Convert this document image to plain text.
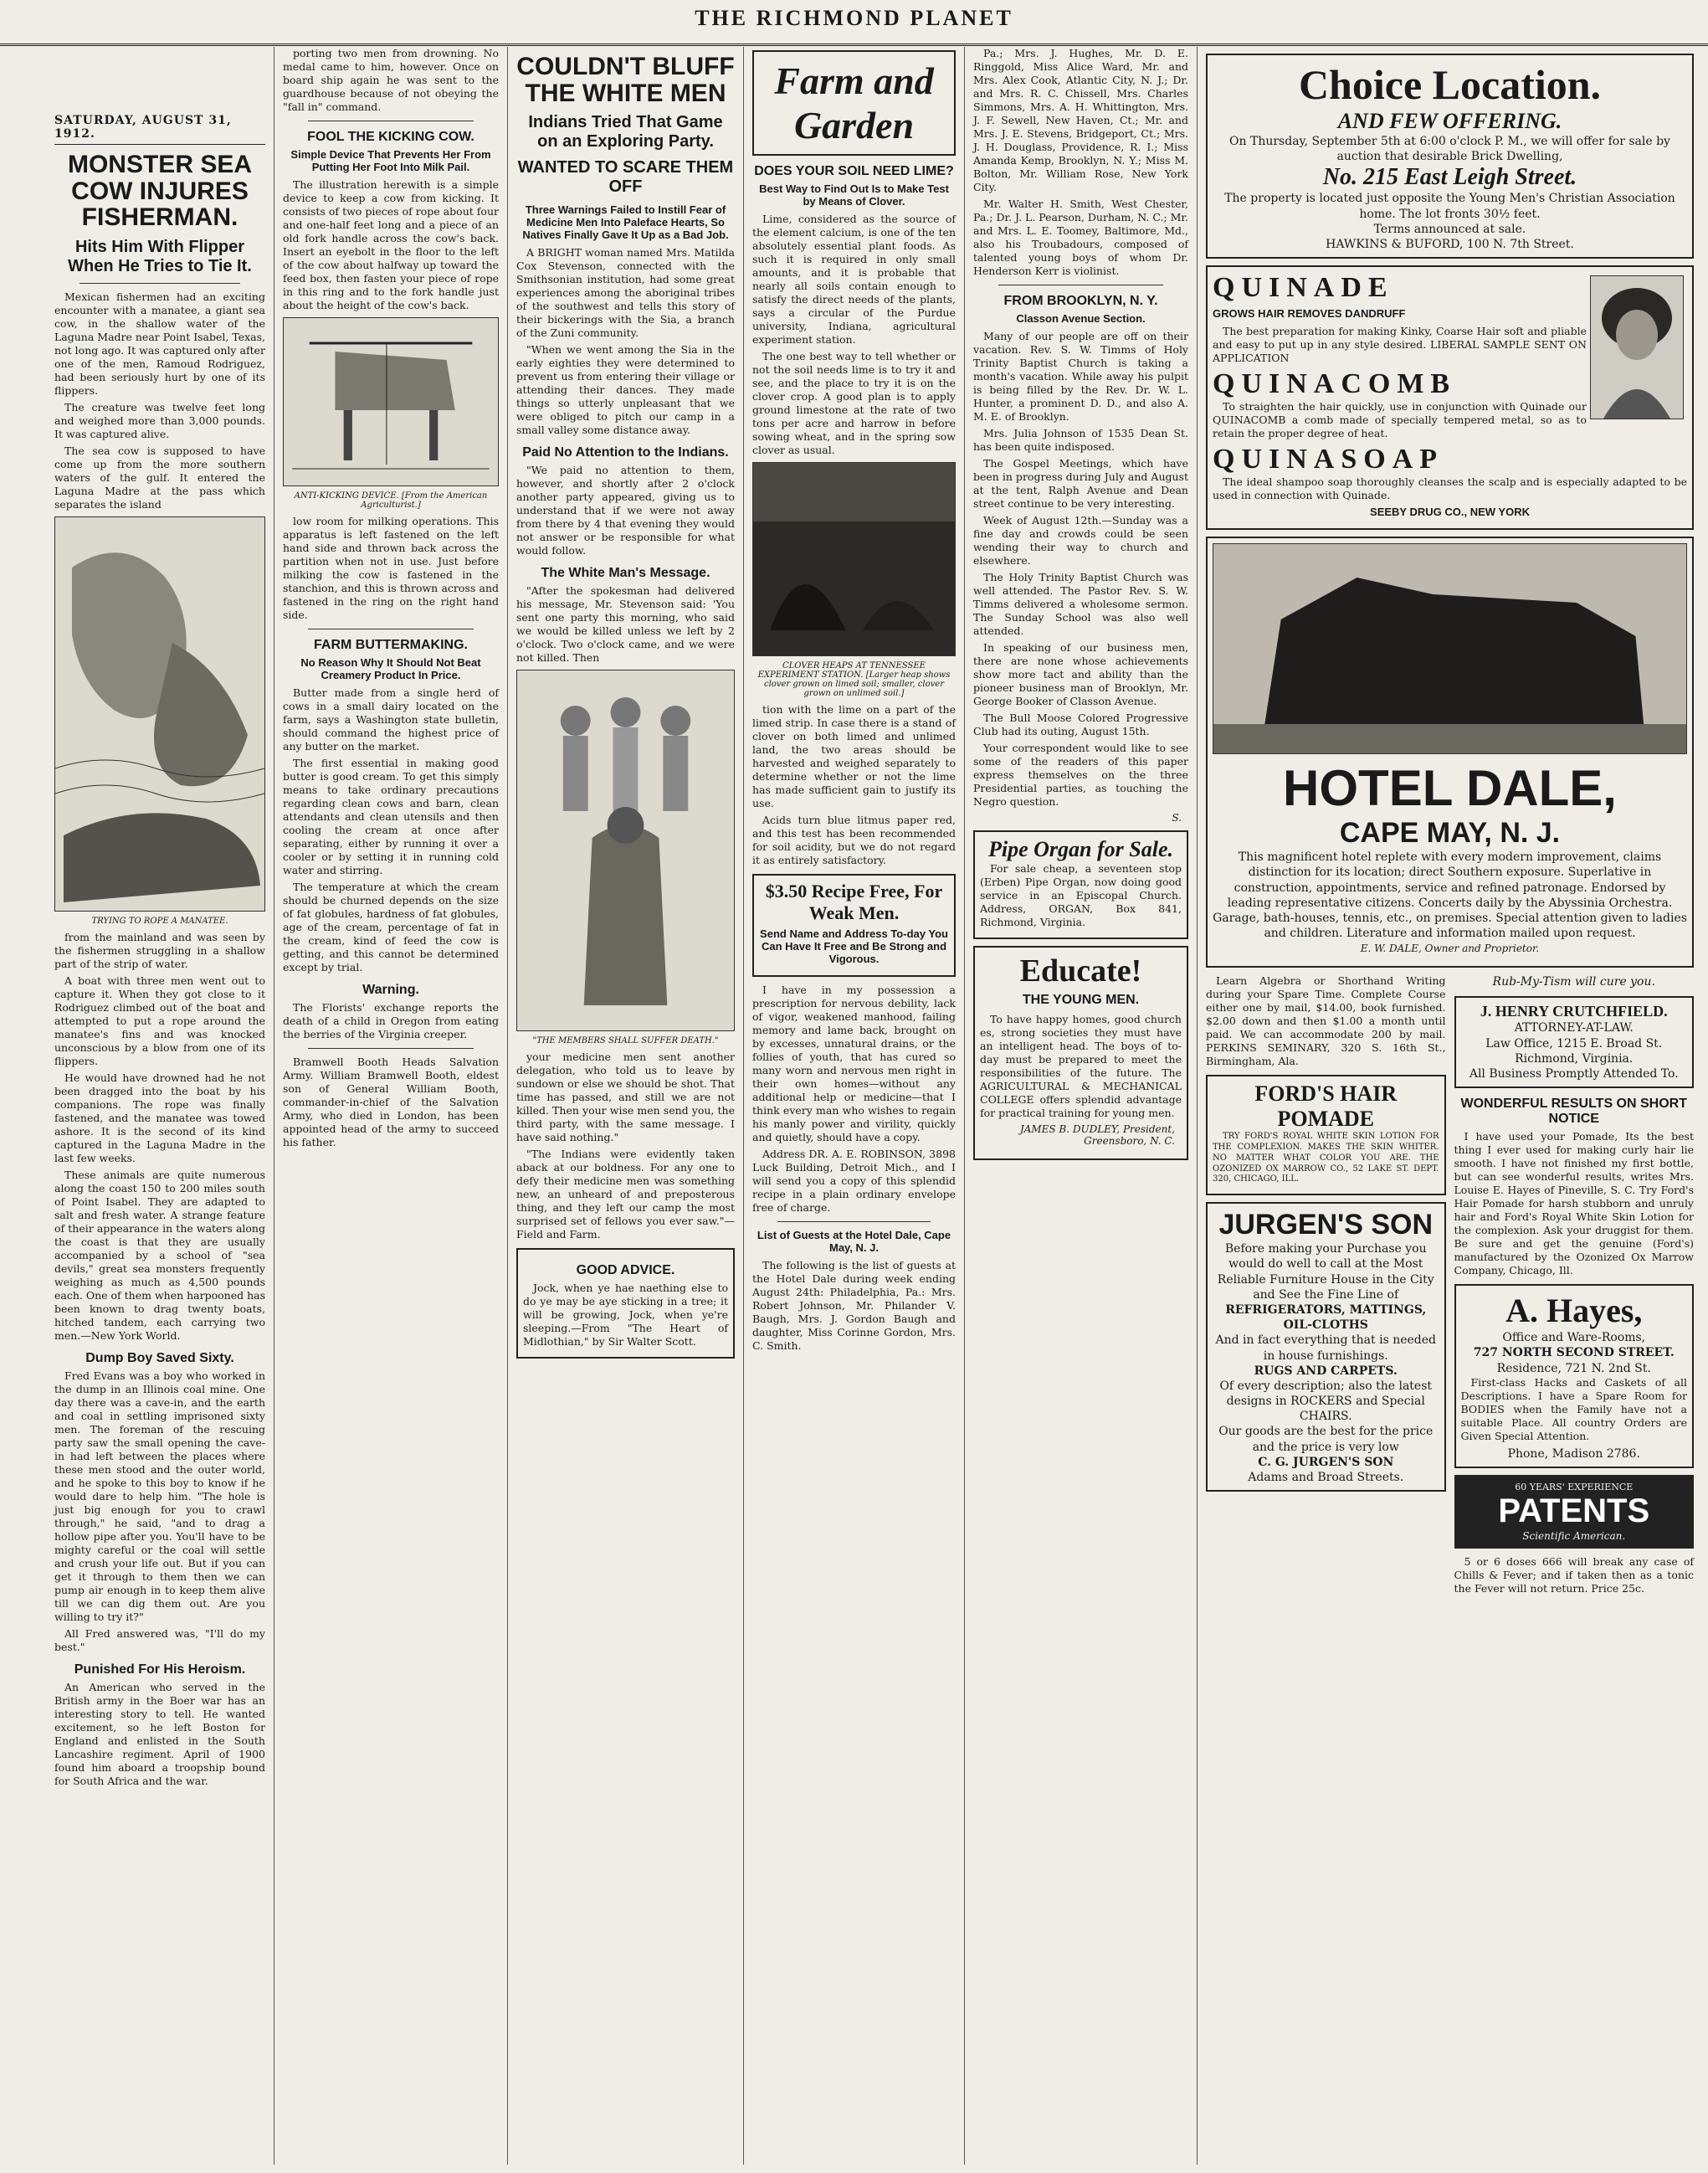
THE RICHMOND PLANET
SATURDAY, AUGUST 31, 1912.
MONSTER SEA COW INJURES FISHERMAN.
Hits Him With Flipper When He Tries to Tie It.

Mexican fishermen had an exciting encounter with a manatee, a giant sea cow, in the shallow water of the Laguna Madre near Point Isabel, Texas, not long ago. It was captured only after one of the men, Ramoud Rodriguez, had been seriously hurt by one of its flippers.

The creature was twelve feet long and weighed more than 3,000 pounds. It was captured alive.

The sea cow is supposed to have come up from the more southern waters of the gulf. It entered the Laguna Madre at the pass which separates the island

TRYING TO ROPE A MANATEE.

from the mainland and was seen by the fishermen struggling in a shallow part of the strip of water.

A boat with three men went out to capture it. When they got close to it Rodriguez climbed out of the boat and attempted to put a rope around the manatee's fins and was knocked unconscious by a blow from one of its flippers.

He would have drowned had he not been dragged into the boat by his companions. The rope was finally fastened, and the manatee was towed ashore. It is the second of its kind captured in the Laguna Madre in the last few weeks.

These animals are quite numerous along the coast 150 to 200 miles south of Point Isabel. They are adapted to salt and fresh water. A strange feature of their appearance in the waters along the coast is that they are usually accompanied by a school of "sea devils," great sea monsters frequently weighing as much as 4,500 pounds each. One of them when harpooned has been known to drag twenty boats, hitched tandem, each carrying two men.—New York World.

Dump Boy Saved Sixty.

Fred Evans was a boy who worked in the dump in an Illinois coal mine. One day there was a cave-in, and the earth and coal in settling imprisoned sixty men. The foreman of the rescuing party saw the small opening the cave-in had left between the places where these men stood and the outer world, and he spoke to this boy to know if he would dare to help him. "The hole is just big enough for you to crawl through," he said, "and to drag a hollow pipe after you. You'll have to be mighty careful or the coal will settle and crush your life out. But if you can get it through to them then we can pump air enough in to keep them alive till we can dig them out. Are you willing to try it?"

All Fred answered was, "I'll do my best."

Punished For His Heroism.

An American who served in the British army in the Boer war has an interesting story to tell. He wanted excitement, so he left Boston for England and enlisted in the South Lancashire regiment. April of 1900 found him aboard a troopship bound for South Africa and the war.

porting two men from drowning. No medal came to him, however. Once on board ship again he was sent to the guardhouse because of not obeying the "fall in" command.

FOOL THE KICKING COW.
Simple Device That Prevents Her From Putting Her Foot Into Milk Pail.

The illustration herewith is a simple device to keep a cow from kicking. It consists of two pieces of rope about four and one-half feet long and a piece of an old fork handle across the cow's back. Insert an eyebolt in the floor to the left of the cow about halfway up toward the feed box, then fasten your piece of rope in this ring and to the fork handle just about the height of the cow's back.

ANTI-KICKING DEVICE. [From the American Agriculturist.]

low room for milking operations. This apparatus is left fastened on the left hand side and thrown back across the partition when not in use. Just before milking the cow is fastened in the stanchion, and this is thrown across and fastened in the ring on the right hand side.

FARM BUTTERMAKING.
No Reason Why It Should Not Beat Creamery Product In Price.

Butter made from a single herd of cows in a small dairy located on the farm, says a Washington state bulletin, should command the highest price of any butter on the market.

The first essential in making good butter is good cream. To get this simply means to take ordinary precautions regarding clean cows and barn, clean attendants and clean utensils and then cooling the cream at once after separating, either by running it over a cooler or by setting it in running cold water and stirring.

The temperature at which the cream should be churned depends on the size of fat globules, hardness of fat globules, age of the cream, percentage of fat in the cream, kind of feed the cow is getting, and this cannot be determined except by trial.

Warning.

The Florists' exchange reports the death of a child in Oregon from eating the berries of the Virginia creeper.

Bramwell Booth Heads Salvation Army. William Bramwell Booth, eldest son of General William Booth, commander-in-chief of the Salvation Army, who died in London, has been appointed head of the army to succeed his father.

COULDN'T BLUFF THE WHITE MEN
Indians Tried That Game on an Exploring Party.
WANTED TO SCARE THEM OFF
Three Warnings Failed to Instill Fear of Medicine Men Into Paleface Hearts, So Natives Finally Gave It Up as a Bad Job.

A BRIGHT woman named Mrs. Matilda Cox Stevenson, connected with the Smithsonian institution, had some great experiences among the aboriginal tribes of the southwest and tells this story of their bickerings with the Sia, a branch of the Zuni community.

"When we went among the Sia in the early eighties they were determined to prevent us from entering their village or attending their dances. They made things so utterly unpleasant that we were obliged to pitch our camp in a small valley some distance away.

Paid No Attention to the Indians.

"We paid no attention to them, however, and shortly after 2 o'clock another party appeared, giving us to understand that if we were not away from there by 4 that evening they would not answer or be responsible for what would follow.

The White Man's Message.

"After the spokesman had delivered his message, Mr. Stevenson said: 'You sent one party this morning, who said we would be killed unless we left by 2 o'clock. Two o'clock came, and we were not killed. Then

"THE MEMBERS SHALL SUFFER DEATH."

your medicine men sent another delegation, who told us to leave by sundown or else we should be shot. That time has passed, and still we are not killed. Then your wise men send you, the third party, with the same message. I have said nothing."

"The Indians were evidently taken aback at our boldness. For any one to defy their medicine men was something new, an unheard of and preposterous thing, and they left our camp the most surprised set of fellows you ever saw."—Field and Farm.

GOOD ADVICE.

Jock, when ye hae naething else to do ye may be aye sticking in a tree; it will be growing, Jock, when ye're sleeping.—From "The Heart of Midlothian," by Sir Walter Scott.

Farm and Garden
DOES YOUR SOIL NEED LIME?
Best Way to Find Out Is to Make Test by Means of Clover.

Lime, considered as the source of the element calcium, is one of the ten absolutely essential plant foods. As such it is required in only small amounts, and it is probable that nearly all soils contain enough to satisfy the direct needs of the plants, says a circular of the Purdue university, Indiana, agricultural experiment station.

The one best way to tell whether or not the soil needs lime is to try it and see, and the place to try it is on the clover crop. A good plan is to apply ground limestone at the rate of two tons per acre and harrow in before sowing wheat, and in the spring sow clover as usual.

CLOVER HEAPS AT TENNESSEE EXPERIMENT STATION. [Larger heap shows clover grown on limed soil; smaller, clover grown on unlimed soil.]

tion with the lime on a part of the limed strip. In case there is a stand of clover on both limed and unlimed land, the two areas should be harvested and weighed separately to determine whether or not the lime has made sufficient gain to justify its use.

Acids turn blue litmus paper red, and this test has been recommended for soil acidity, but we do not regard it as entirely satisfactory.

$3.50 Recipe Free, For Weak Men.
Send Name and Address To-day You Can Have It Free and Be Strong and Vigorous.

I have in my possession a prescription for nervous debility, lack of vigor, weakened manhood, failing memory and lame back, brought on by excesses, unnatural drains, or the follies of youth, that has cured so many worn and nervous men right in their own homes—without any additional help or medicine—that I think every man who wishes to regain his manly power and virility, quickly and quietly, should have a copy.

Address DR. A. E. ROBINSON, 3898 Luck Building, Detroit Mich., and I will send you a copy of this splendid recipe in a plain ordinary envelope free of charge.

List of Guests at the Hotel Dale, Cape May, N. J.

The following is the list of guests at the Hotel Dale during week ending August 24th: Philadelphia, Pa.: Mrs. Robert Johnson, Mr. Philander V. Baugh, Mrs. J. Gordon Baugh and daughter, Miss Corinne Gordon, Mrs. C. Smith.

Pa.; Mrs. J. Hughes, Mr. D. E. Ringgold, Miss Alice Ward, Mr. and Mrs. Alex Cook, Atlantic City, N. J.; Dr. and Mrs. R. C. Chissell, Mrs. Charles Simmons, Mrs. A. H. Whittington, Mrs. J. F. Sewell, New Haven, Ct.; Mr. and Mrs. J. E. Stevens, Bridgeport, Ct.; Mrs. J. H. Douglass, Providence, R. I.; Miss Amanda Kemp, Brooklyn, N. Y.; Miss M. Bolton, Mr. William Rose, New York City.

Mr. Walter H. Smith, West Chester, Pa.; Dr. J. L. Pearson, Durham, N. C.; Mr. and Mrs. L. E. Toomey, Baltimore, Md., also his Troubadours, composed of talented young boys of whom Dr. Henderson Kerr is violinist.

FROM BROOKLYN, N. Y.
Classon Avenue Section.

Many of our people are off on their vacation. Rev. S. W. Timms of Holy Trinity Baptist Church is taking a month's vacation. While away his pulpit is being filled by the Rev. Dr. W. L. Hunter, a prominent D. D., and also A. M. E. of Brooklyn.

Mrs. Julia Johnson of 1535 Dean St. has been quite indisposed.

The Gospel Meetings, which have been in progress during July and August at the tent, Ralph Avenue and Dean street continue to be very interesting.

Week of August 12th.—Sunday was a fine day and crowds could be seen wending their way to church and elsewhere.

The Holy Trinity Baptist Church was well attended. The Pastor Rev. S. W. Timms delivered a wholesome sermon. The Sunday School was also well attended.

In speaking of our business men, there are none whose achievements show more tact and ability than the pioneer business man of Brooklyn, Mr. George Booker of Classon Avenue.

The Bull Moose Colored Progressive Club had its outing, August 15th.

Your correspondent would like to see some of the readers of this paper express themselves on the three Presidential parties, as touching the Negro question.

S.
Pipe Organ for Sale.

For sale cheap, a seventeen stop (Erben) Pipe Organ, now doing good service in an Episcopal Church. Address, ORGAN, Box 841, Richmond, Virginia.

Educate!
THE YOUNG MEN.

To have happy homes, good church es, strong societies they must have an intelligent head. The boys of to-day must be prepared to meet the responsibilities of the future. The AGRICULTURAL & MECHANICAL COLLEGE offers splendid advantage for practical training for young men.

JAMES B. DUDLEY, President, Greensboro, N. C.
Choice Location.
AND FEW OFFERING.

On Thursday, September 5th at 6:00 o'clock P. M., we will offer for sale by auction that desirable Brick Dwelling,

No. 215 East Leigh Street.

The property is located just opposite the Young Men's Christian Association home. The lot fronts 30½ feet.

Terms announced at sale.

HAWKINS & BUFORD, 100 N. 7th Street.

QUINADE
GROWS HAIR REMOVES DANDRUFF

The best preparation for making Kinky, Coarse Hair soft and pliable and easy to put up in any style desired. LIBERAL SAMPLE SENT ON APPLICATION

QUINACOMB

To straighten the hair quickly, use in conjunction with Quinade our QUINACOMB a comb made of specially tempered metal, so as to retain the proper degree of heat.

QUINASOAP

The ideal shampoo soap thoroughly cleanses the scalp and is especially adapted to be used in connection with Quinade.

SEEBY DRUG CO., NEW YORK
HOTEL DALE,
CAPE MAY, N. J.

This magnificent hotel replete with every modern improvement, claims distinction for its location; direct Southern exposure. Superlative in construction, appointments, service and refined patronage. Endorsed by leading representative citizens. Concerts daily by the Abyssinia Orchestra. Garage, bath-houses, tennis, etc., on premises. Special attention given to ladies and children. Literature and information mailed upon request.

E. W. DALE, Owner and Proprietor.

Learn Algebra or Shorthand Writing during your Spare Time. Complete Course either one by mail, $14.00, book furnished. $2.00 down and then $1.00 a month until paid. We can accommodate 200 by mail. PERKINS SEMINARY, 320 S. 16th St., Birmingham, Ala.

FORD'S HAIR POMADE

TRY FORD'S ROYAL WHITE SKIN LOTION FOR THE COMPLEXION. MAKES THE SKIN WHITER. NO MATTER WHAT COLOR YOU ARE. THE OZONIZED OX MARROW CO., 52 LAKE ST. DEPT. 320, CHICAGO, ILL.

JURGEN'S SON

Before making your Purchase you would do well to call at the Most Reliable Furniture House in the City and See the Fine Line of

REFRIGERATORS, MATTINGS, OIL-CLOTHS

And in fact everything that is needed in house furnishings.

RUGS AND CARPETS.

Of every description; also the latest designs in ROCKERS and Special CHAIRS.

Our goods are the best for the price and the price is very low

C. G. JURGEN'S SON

Adams and Broad Streets.

Rub-My-Tism will cure you.

J. HENRY CRUTCHFIELD.

ATTORNEY-AT-LAW.

Law Office, 1215 E. Broad St. Richmond, Virginia.

All Business Promptly Attended To.

WONDERFUL RESULTS ON SHORT NOTICE

I have used your Pomade, Its the best thing I ever used for making curly hair lie smooth. I have not finished my first bottle, but can see wonderful results, writes Mrs. Louise E. Hayes of Pineville, S. C. Try Ford's Hair Pomade for harsh stubborn and unruly hair and Ford's Royal White Skin Lotion for the complexion. Ask your druggist for them. Be sure and get the genuine (Ford's) manufactured by the Ozonized Ox Marrow Company, Chicago, Ill.

A. Hayes,

Office and Ware-Rooms,

727 NORTH SECOND STREET.

Residence, 721 N. 2nd St.

First-class Hacks and Caskets of all Descriptions. I have a Spare Room for BODIES when the Family have not a suitable Place. All country Orders are Given Special Attention.

Phone, Madison 2786.

60 YEARS' EXPERIENCE
PATENTS
Scientific American.

5 or 6 doses 666 will break any case of Chills & Fever; and if taken then as a tonic the Fever will not return. Price 25c.
